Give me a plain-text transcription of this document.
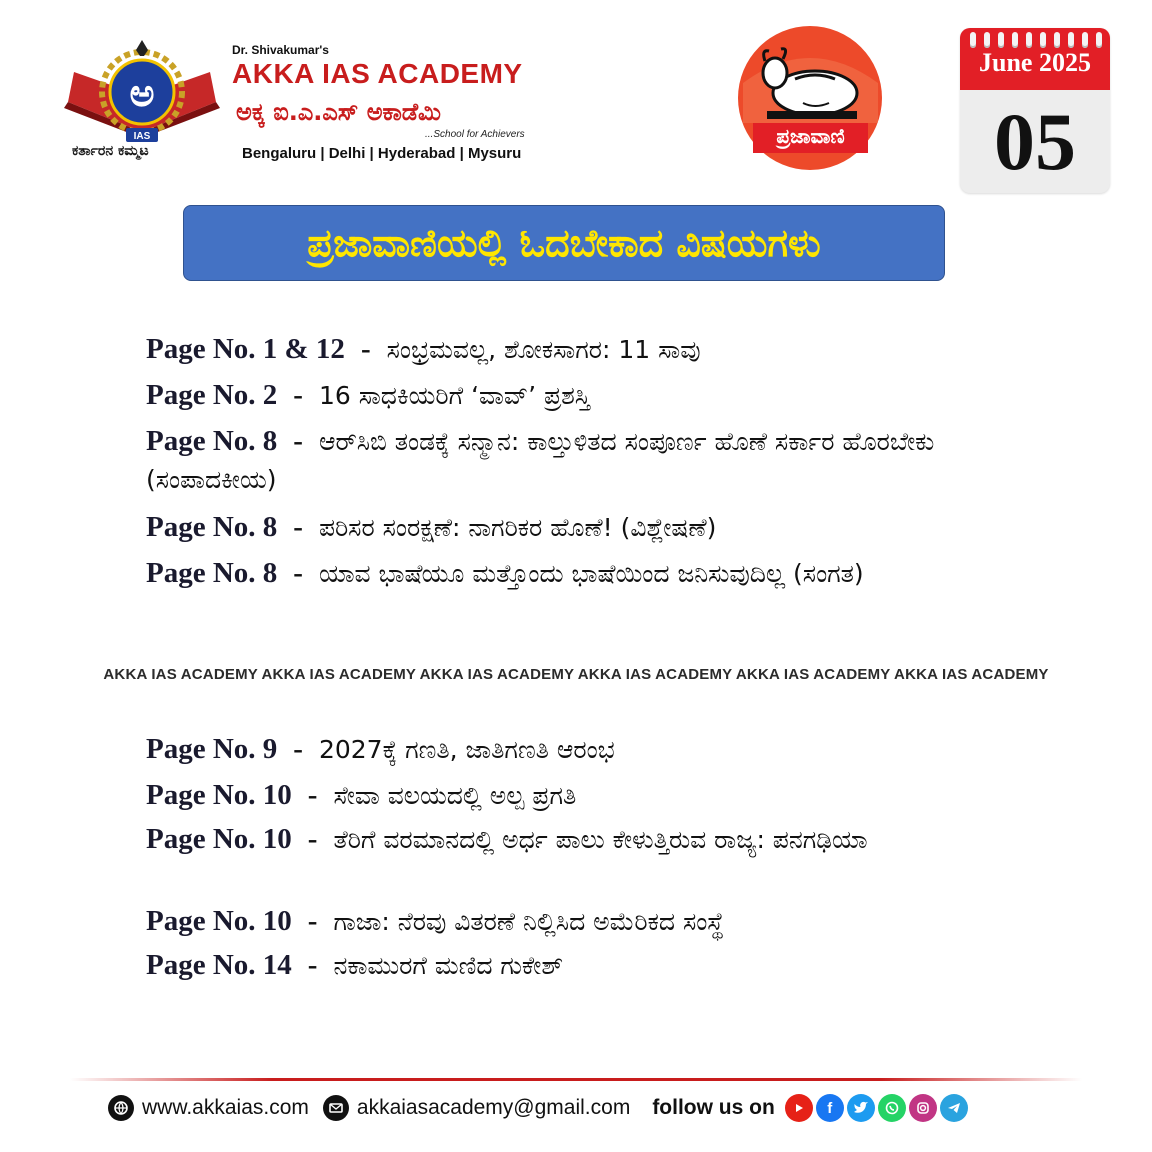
ಅ
IAS
ಕರ್ತಾರನ ಕಮ್ಮಟ
Dr. Shivakumar's
AKKA IAS ACADEMY
ಅಕ್ಕ ಐ.ಎ.ಎಸ್ ಅಕಾಡೆಮಿ
...School for Achievers
Bengaluru | Delhi | Hyderabad | Mysuru
ಪ್ರಜಾವಾಣಿ
June 2025
05
ಪ್ರಜಾವಾಣಿಯಲ್ಲಿ ಓದಬೇಕಾದ ವಿಷಯಗಳು
Page No. 1 & 12 - ಸಂಭ್ರಮವಲ್ಲ, ಶೋಕಸಾಗರ: 11 ಸಾವು
Page No. 2 - 16 ಸಾಧಕಿಯರಿಗೆ ‘ವಾವ್’ ಪ್ರಶಸ್ತಿ
Page No. 8 - ಆರ್‌ಸಿಬಿ ತಂಡಕ್ಕೆ ಸನ್ಮಾನ: ಕಾಲ್ತುಳಿತದ ಸಂಪೂರ್ಣ ಹೊಣೆ ಸರ್ಕಾರ ಹೊರಬೇಕು (ಸಂಪಾದಕೀಯ)
Page No. 8 - ಪರಿಸರ ಸಂರಕ್ಷಣೆ: ನಾಗರಿಕರ ಹೊಣೆ! (ವಿಶ್ಲೇಷಣೆ)
Page No. 8 - ಯಾವ ಭಾಷೆಯೂ ಮತ್ತೊಂದು ಭಾಷೆಯಿಂದ ಜನಿಸುವುದಿಲ್ಲ (ಸಂಗತ)
AKKA IAS ACADEMY AKKA IAS ACADEMY AKKA IAS ACADEMY AKKA IAS ACADEMY AKKA IAS ACADEMY AKKA IAS ACADEMY
Page No. 9 - 2027ಕ್ಕೆ ಗಣತಿ, ಜಾತಿಗಣತಿ ಆರಂಭ
Page No. 10 - ಸೇವಾ ವಲಯದಲ್ಲಿ ಅಲ್ಪ ಪ್ರಗತಿ
Page No. 10 - ತೆರಿಗೆ ವರಮಾನದಲ್ಲಿ ಅರ್ಧ ಪಾಲು ಕೇಳುತ್ತಿರುವ ರಾಜ್ಯ: ಪನಗಢಿಯಾ
Page No. 10 - ಗಾಜಾ: ನೆರವು ವಿತರಣೆ ನಿಲ್ಲಿಸಿದ ಅಮೆರಿಕದ ಸಂಸ್ಥೆ
Page No. 14 - ನಕಾಮುರಗೆ ಮಣಿದ ಗುಕೇಶ್
www.akkaias.com akkaiasacademy@gmail.com follow us on	f
